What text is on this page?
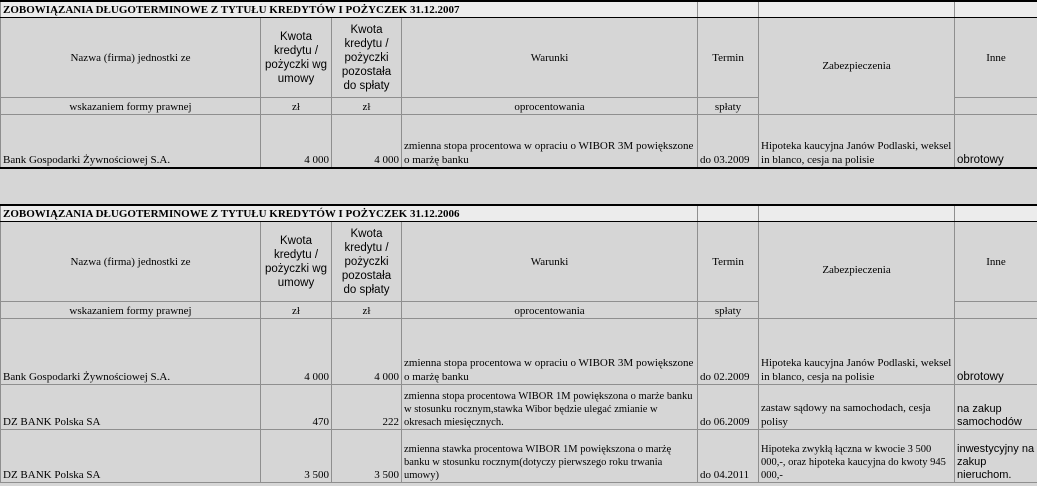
ZOBOWIĄZANIA DŁUGOTERMINOWE Z TYTUŁU KREDYTÓW I POŻYCZEK 31.12.2007						
Nazwa (firma) jednostki ze	Kwota kredytu / pożyczki wg umowy	Kwota kredytu / pożyczki pozostała do spłaty	Warunki	Termin	Zabezpieczenia	Inne
wskazaniem formy prawnej	zł	zł	oprocentowania	spłaty		
Bank Gospodarki Żywnościowej S.A.	4 000	4 000	zmienna stopa procentowa w opraciu o WIBOR 3M powiększone o marżę banku	do 03.2009	Hipoteka kaucyjna Janów Podlaski, weksel in blanco, cesja na polisie	obrotowy
ZOBOWIĄZANIA DŁUGOTERMINOWE Z TYTUŁU KREDYTÓW I POŻYCZEK 31.12.2006						
Nazwa (firma) jednostki ze	Kwota kredytu / pożyczki wg umowy	Kwota kredytu / pożyczki pozostała do spłaty	Warunki	Termin	Zabezpieczenia	Inne
wskazaniem formy prawnej	zł	zł	oprocentowania	spłaty		
Bank Gospodarki Żywnościowej S.A.	4 000	4 000	zmienna stopa procentowa w opraciu o WIBOR 3M powiększone o marżę banku	do 02.2009	Hipoteka kaucyjna Janów Podlaski, weksel in blanco, cesja na polisie	obrotowy
DZ BANK Polska SA	470	222	zmienna stopa procentowa WIBOR 1M powiększona o marże banku w stosunku rocznym,stawka Wibor będzie ulegać zmianie w okresach miesięcznych.	do 06.2009	zastaw sądowy na samochodach, cesja polisy	na zakup samochodów
DZ BANK Polska SA	3 500	3 500	zmienna stawka procentowa WIBOR 1M powiększona o marżę banku w stosunku rocznym(dotyczy pierwszego roku trwania umowy)	do 04.2011	Hipoteka zwykłą łączna w kwocie 3 500 000,-, oraz hipoteka kaucyjna do kwoty 945 000,-	inwestycyjny na zakup nieruchom.
